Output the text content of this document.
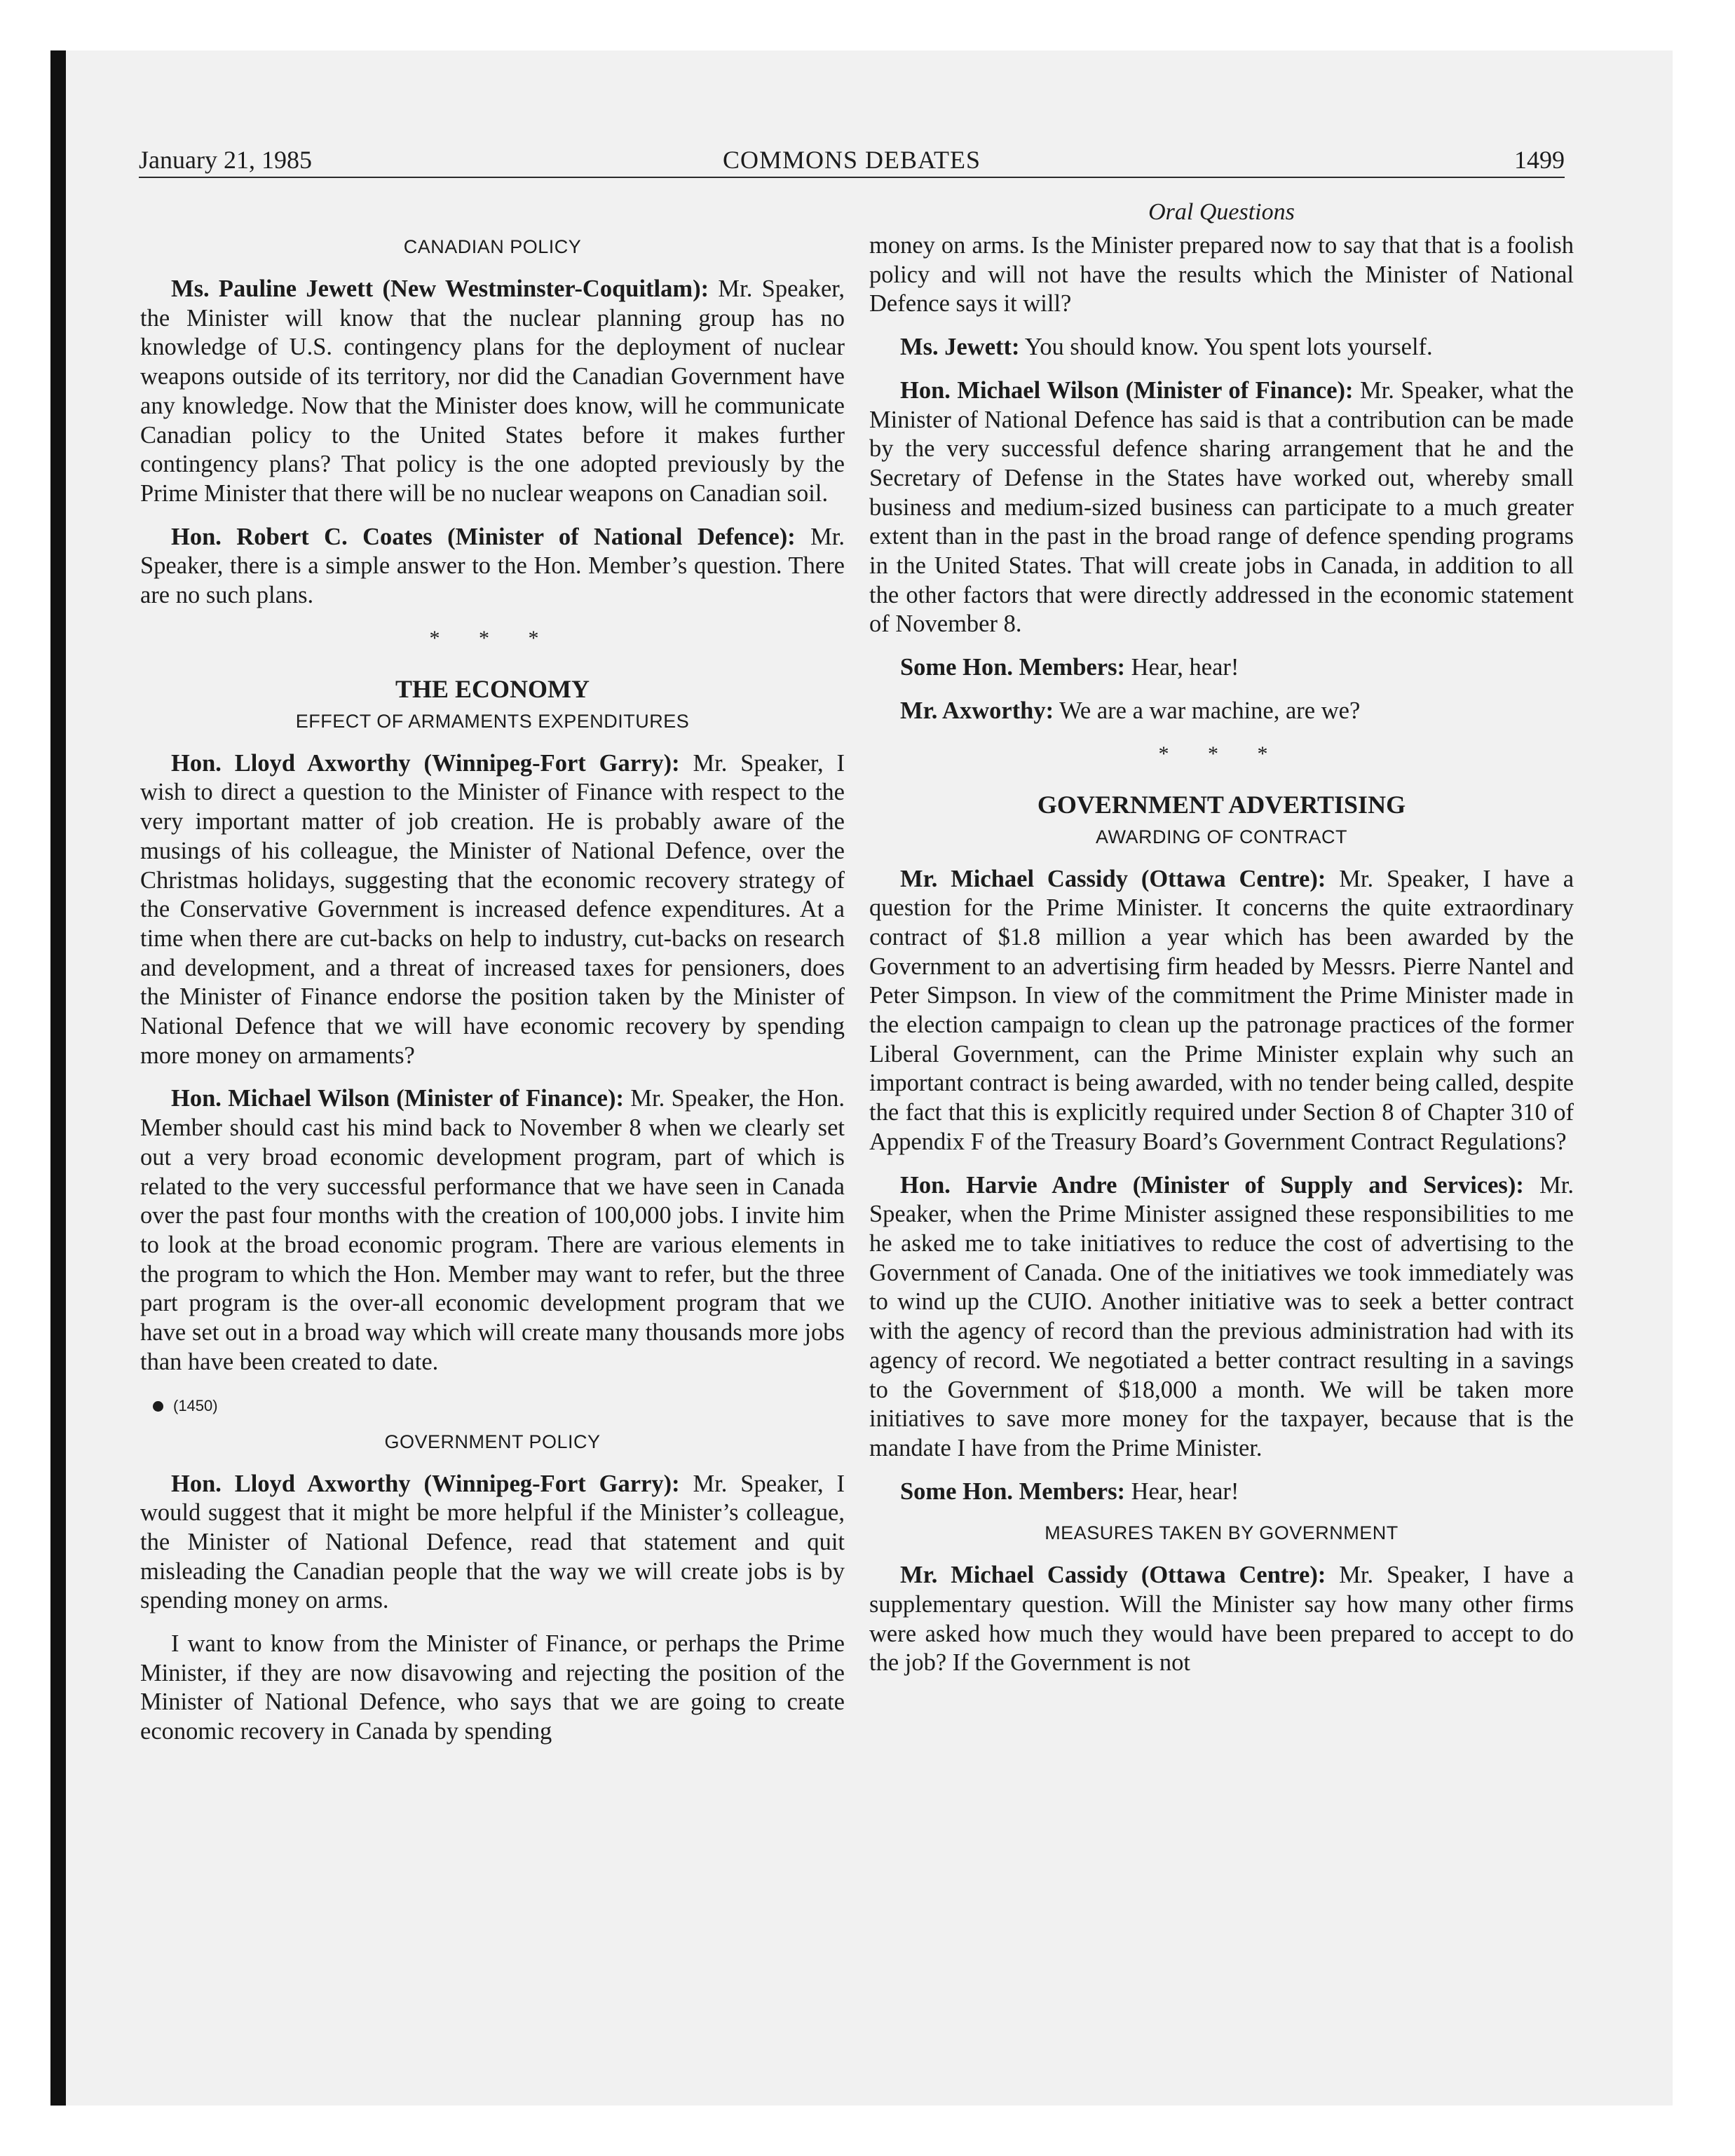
January 21, 1985	COMMONS DEBATES	1499
CANADIAN POLICY

Ms. Pauline Jewett (New Westminster-Coquitlam): Mr. Speaker, the Minister will know that the nuclear planning group has no knowledge of U.S. contingency plans for the deployment of nuclear weapons outside of its territory, nor did the Canadian Government have any knowledge. Now that the Minister does know, will he communicate Canadian policy to the United States before it makes further contingency plans? That policy is the one adopted previously by the Prime Minister that there will be no nuclear weapons on Canadian soil.

Hon. Robert C. Coates (Minister of National Defence): Mr. Speaker, there is a simple answer to the Hon. Member’s question. There are no such plans.

* * *
THE ECONOMY
EFFECT OF ARMAMENTS EXPENDITURES

Hon. Lloyd Axworthy (Winnipeg-Fort Garry): Mr. Speaker, I wish to direct a question to the Minister of Finance with respect to the very important matter of job creation. He is probably aware of the musings of his colleague, the Minister of National Defence, over the Christmas holidays, suggesting that the economic recovery strategy of the Conservative Government is increased defence expenditures. At a time when there are cut-backs on help to industry, cut-backs on research and development, and a threat of increased taxes for pensioners, does the Minister of Finance endorse the position taken by the Minister of National Defence that we will have economic recovery by spending more money on armaments?

Hon. Michael Wilson (Minister of Finance): Mr. Speaker, the Hon. Member should cast his mind back to November 8 when we clearly set out a very broad economic development program, part of which is related to the very successful performance that we have seen in Canada over the past four months with the creation of 100,000 jobs. I invite him to look at the broad economic program. There are various elements in the program to which the Hon. Member may want to refer, but the three part program is the over-all economic development program that we have set out in a broad way which will create many thousands more jobs than have been created to date.

(1450)
GOVERNMENT POLICY

Hon. Lloyd Axworthy (Winnipeg-Fort Garry): Mr. Speaker, I would suggest that it might be more helpful if the Minister’s colleague, the Minister of National Defence, read that statement and quit misleading the Canadian people that the way we will create jobs is by spending money on arms.

I want to know from the Minister of Finance, or perhaps the Prime Minister, if they are now disavowing and rejecting the position of the Minister of National Defence, who says that we are going to create economic recovery in Canada by spending

Oral Questions

money on arms. Is the Minister prepared now to say that that is a foolish policy and will not have the results which the Minister of National Defence says it will?

Ms. Jewett: You should know. You spent lots yourself.

Hon. Michael Wilson (Minister of Finance): Mr. Speaker, what the Minister of National Defence has said is that a contribution can be made by the very successful defence sharing arrangement that he and the Secretary of Defense in the States have worked out, whereby small business and medium-sized business can participate to a much greater extent than in the past in the broad range of defence spending programs in the United States. That will create jobs in Canada, in addition to all the other factors that were directly addressed in the economic statement of November 8.

Some Hon. Members: Hear, hear!

Mr. Axworthy: We are a war machine, are we?

* * *
GOVERNMENT ADVERTISING
AWARDING OF CONTRACT

Mr. Michael Cassidy (Ottawa Centre): Mr. Speaker, I have a question for the Prime Minister. It concerns the quite extraordinary contract of $1.8 million a year which has been awarded by the Government to an advertising firm headed by Messrs. Pierre Nantel and Peter Simpson. In view of the commitment the Prime Minister made in the election campaign to clean up the patronage practices of the former Liberal Government, can the Prime Minister explain why such an important contract is being awarded, with no tender being called, despite the fact that this is explicitly required under Section 8 of Chapter 310 of Appendix F of the Treasury Board’s Government Contract Regulations?

Hon. Harvie Andre (Minister of Supply and Services): Mr. Speaker, when the Prime Minister assigned these responsibilities to me he asked me to take initiatives to reduce the cost of advertising to the Government of Canada. One of the initiatives we took immediately was to wind up the CUIO. Another initiative was to seek a better contract with the agency of record than the previous administration had with its agency of record. We negotiated a better contract resulting in a savings to the Government of $18,000 a month. We will be taken more initiatives to save more money for the taxpayer, because that is the mandate I have from the Prime Minister.

Some Hon. Members: Hear, hear!

MEASURES TAKEN BY GOVERNMENT

Mr. Michael Cassidy (Ottawa Centre): Mr. Speaker, I have a supplementary question. Will the Minister say how many other firms were asked how much they would have been prepared to accept to do the job? If the Government is not
